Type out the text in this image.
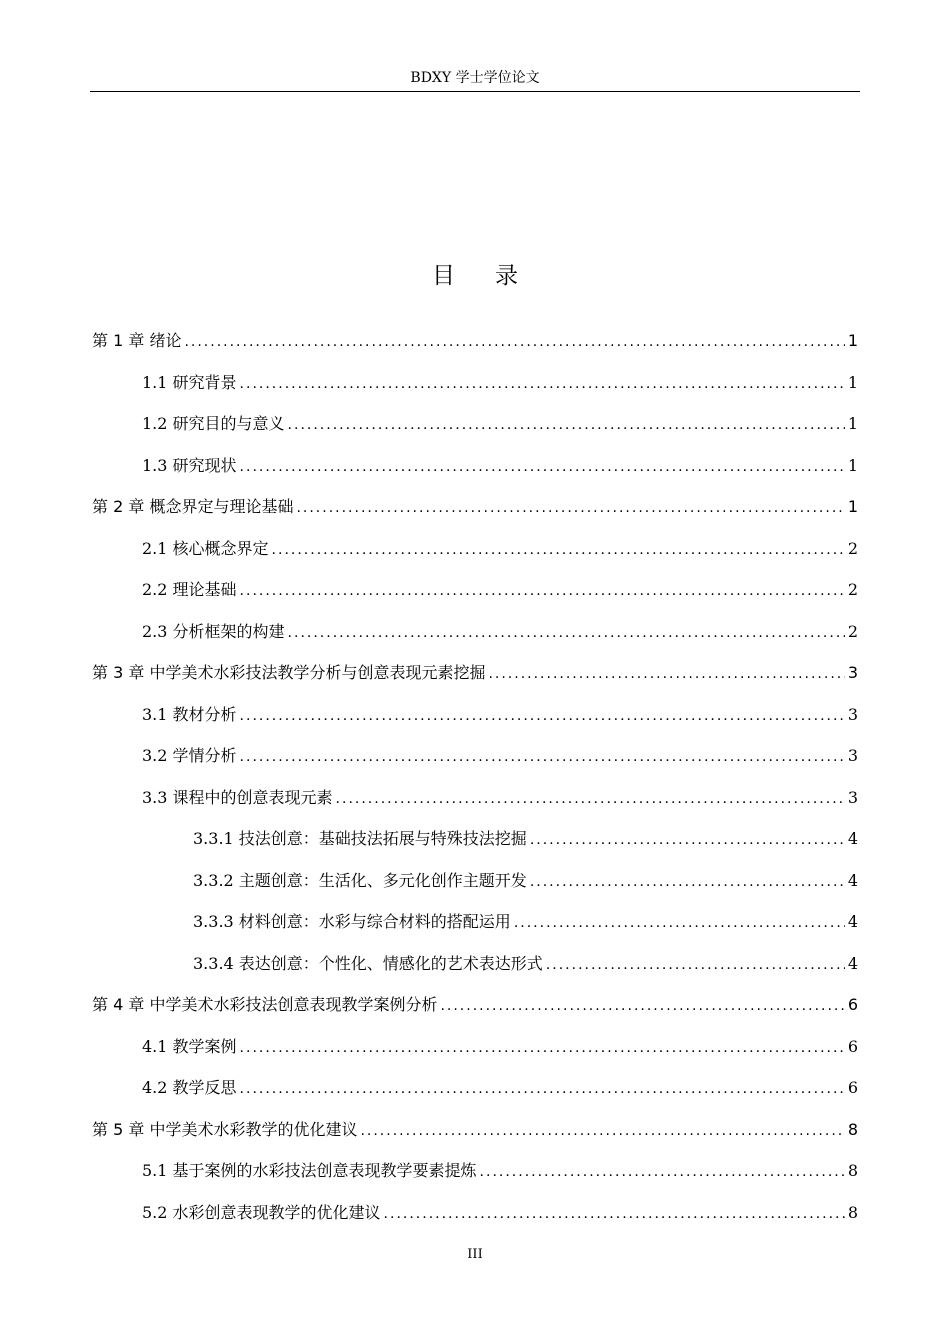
BDXY 学士学位论文
目录
第 1 章 绪论 .....	1
1.1 研究背景 .....	1
1.2 研究目的与意义 .....	1
1.3 研究现状 .....	1
第 2 章 概念界定与理论基础 .....	1
2.1 核心概念界定 .....	2
2.2 理论基础 .....	2
2.3 分析框架的构建 .....	2
第 3 章 中学美术水彩技法教学分析与创意表现元素挖掘 .....	3
3.1 教材分析 .....	3
3.2 学情分析 .....	3
3.3 课程中的创意表现元素 .....	3
3.3.1 技法创意：基础技法拓展与特殊技法挖掘 .....	4
3.3.2 主题创意：生活化、多元化创作主题开发 .....	4
3.3.3 材料创意：水彩与综合材料的搭配运用 .....	4
3.3.4 表达创意：个性化、情感化的艺术表达形式 .....	4
第 4 章 中学美术水彩技法创意表现教学案例分析 .....	6
4.1 教学案例 .....	6
4.2 教学反思 .....	6
第 5 章 中学美术水彩教学的优化建议 .....	8
5.1 基于案例的水彩技法创意表现教学要素提炼 .....	8
5.2 水彩创意表现教学的优化建议 .....	8
III
